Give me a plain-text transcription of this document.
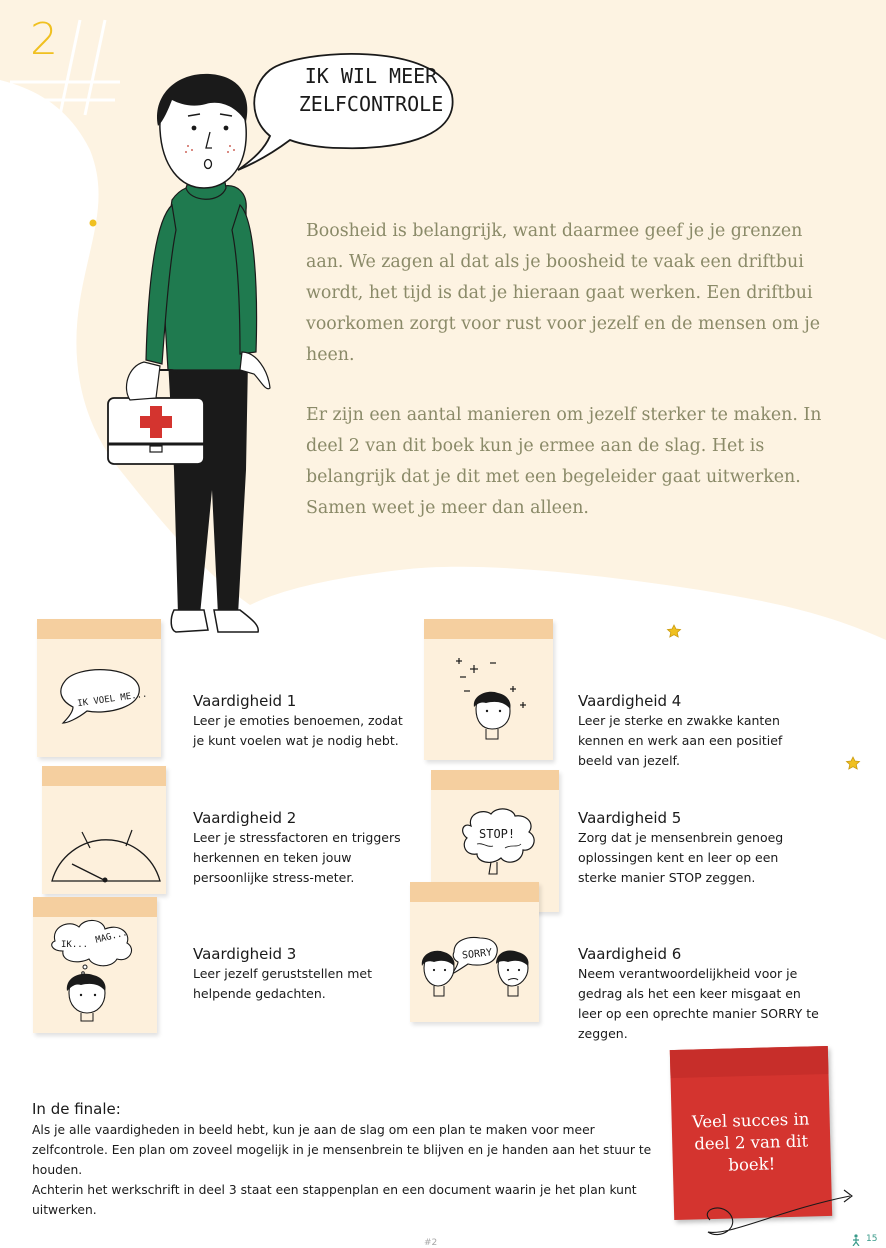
2
IK WIL MEER
ZELFCONTROLE
Boosheid is belangrijk, want daarmee geef je je grenzen aan. We zagen al dat als je boosheid te vaak een driftbui wordt, het tijd is dat je hieraan gaat werken. Een driftbui voorkomen zorgt voor rust voor jezelf en de mensen om je heen.
Er zijn een aantal manieren om jezelf sterker te maken. In deel 2 van dit boek kun je ermee aan de slag. Het is belangrijk dat je dit met een begeleider gaat uitwerken. Samen weet je meer dan alleen.
IK VOEL ME...	Vaardigheid 1
Leer je emoties benoemen, zodat je kunt voelen wat je nodig hebt.
Vaardigheid 2
Leer je stressfactoren en triggers herkennen en teken jouw persoonlijke stress-meter.
IK... MAG...
Vaardigheid 3
Leer jezelf geruststellen met helpende gedachten.
Vaardigheid 4
Leer je sterke en zwakke kanten kennen en werk aan een positief beeld van jezelf.
STOP!
Vaardigheid 5
Zorg dat je mensenbrein genoeg oplossingen kent en leer op een sterke manier STOP zeggen.
SORRY	Vaardigheid 6
Neem verantwoordelijkheid voor je gedrag als het een keer misgaat en leer op een oprechte manier SORRY te zeggen.
In de finale:
Als je alle vaardigheden in beeld hebt, kun je aan de slag om een plan te maken voor meer zelfcontrole. Een plan om zoveel mogelijk in je mensenbrein te blijven en je handen aan het stuur te houden.
Achterin het werkschrift in deel 3 staat een stappenplan en een document waarin je het plan kunt uitwerken.
Veel succes in deel 2 van dit boek!
#2	15
